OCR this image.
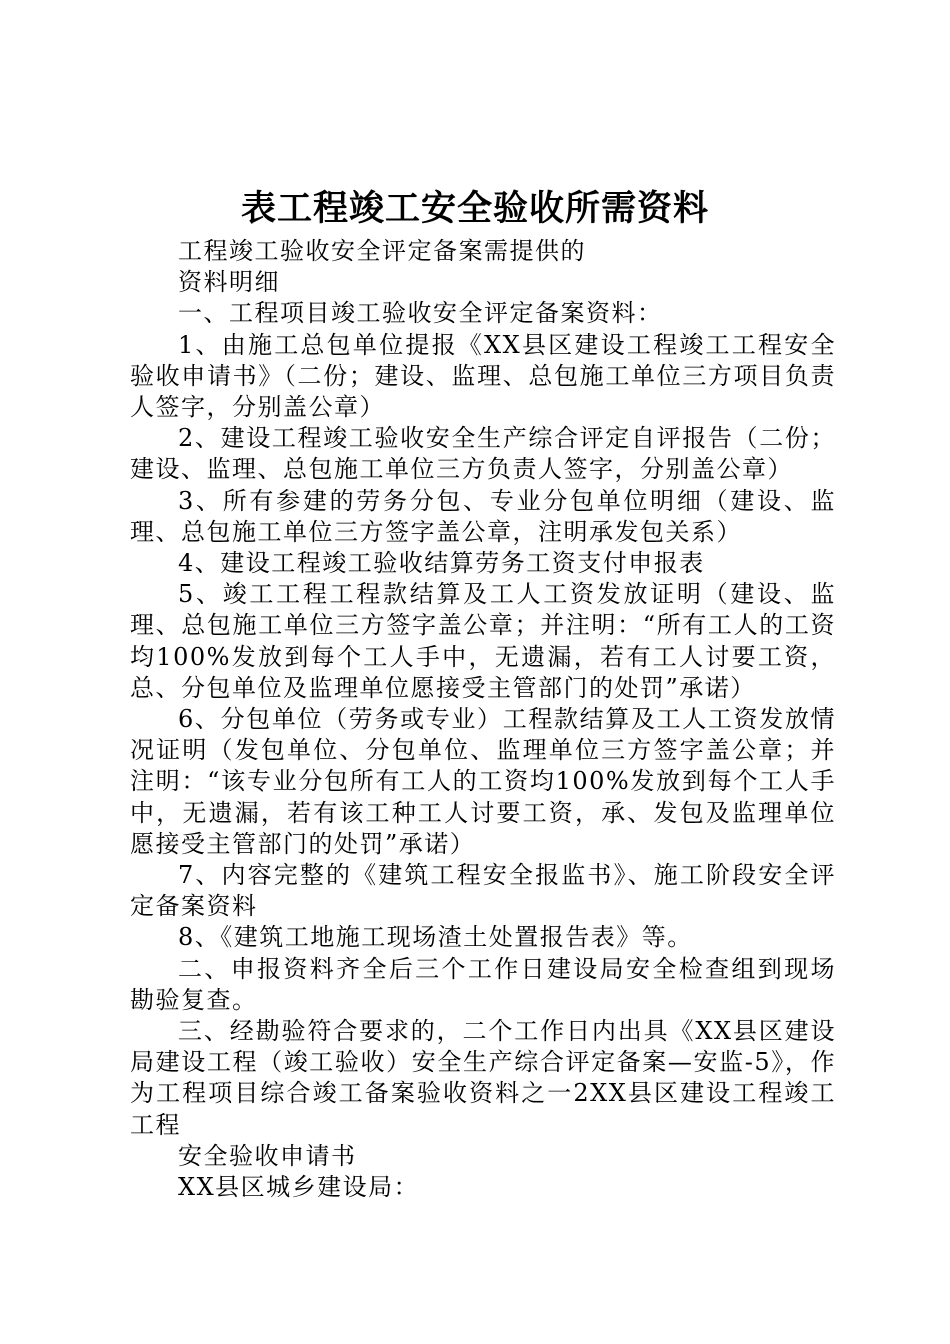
表工程竣工安全验收所需资料

工程竣工验收安全评定备案需提供的

资料明细

一、工程项目竣工验收安全评定备案资料：

1、由施工总包单位提报《XX县区建设工程竣工工程安全验收申请书》（二份；建设、监理、总包施工单位三方项目负责人签字，分别盖公章）

2、建设工程竣工验收安全生产综合评定自评报告（二份；建设、监理、总包施工单位三方负责人签字，分别盖公章）

3、所有参建的劳务分包、专业分包单位明细（建设、监理、总包施工单位三方签字盖公章，注明承发包关系）

4、建设工程竣工验收结算劳务工资支付申报表

5、竣工工程工程款结算及工人工资发放证明（建设、监理、总包施工单位三方签字盖公章；并注明：“所有工人的工资均100%发放到每个工人手中，无遗漏，若有工人讨要工资，总、分包单位及监理单位愿接受主管部门的处罚”承诺）

6、分包单位（劳务或专业）工程款结算及工人工资发放情况证明（发包单位、分包单位、监理单位三方签字盖公章；并注明：“该专业分包所有工人的工资均100%发放到每个工人手中，无遗漏，若有该工种工人讨要工资，承、发包及监理单位愿接受主管部门的处罚”承诺）

7、内容完整的《建筑工程安全报监书》、施工阶段安全评定备案资料

8、《建筑工地施工现场渣土处置报告表》等。

二、申报资料齐全后三个工作日建设局安全检查组到现场勘验复查。

三、经勘验符合要求的，二个工作日内出具《XX县区建设局建设工程（竣工验收）安全生产综合评定备案—安监-5》，作为工程项目综合竣工备案验收资料之一2XX县区建设工程竣工工程

安全验收申请书

XX县区城乡建设局：
